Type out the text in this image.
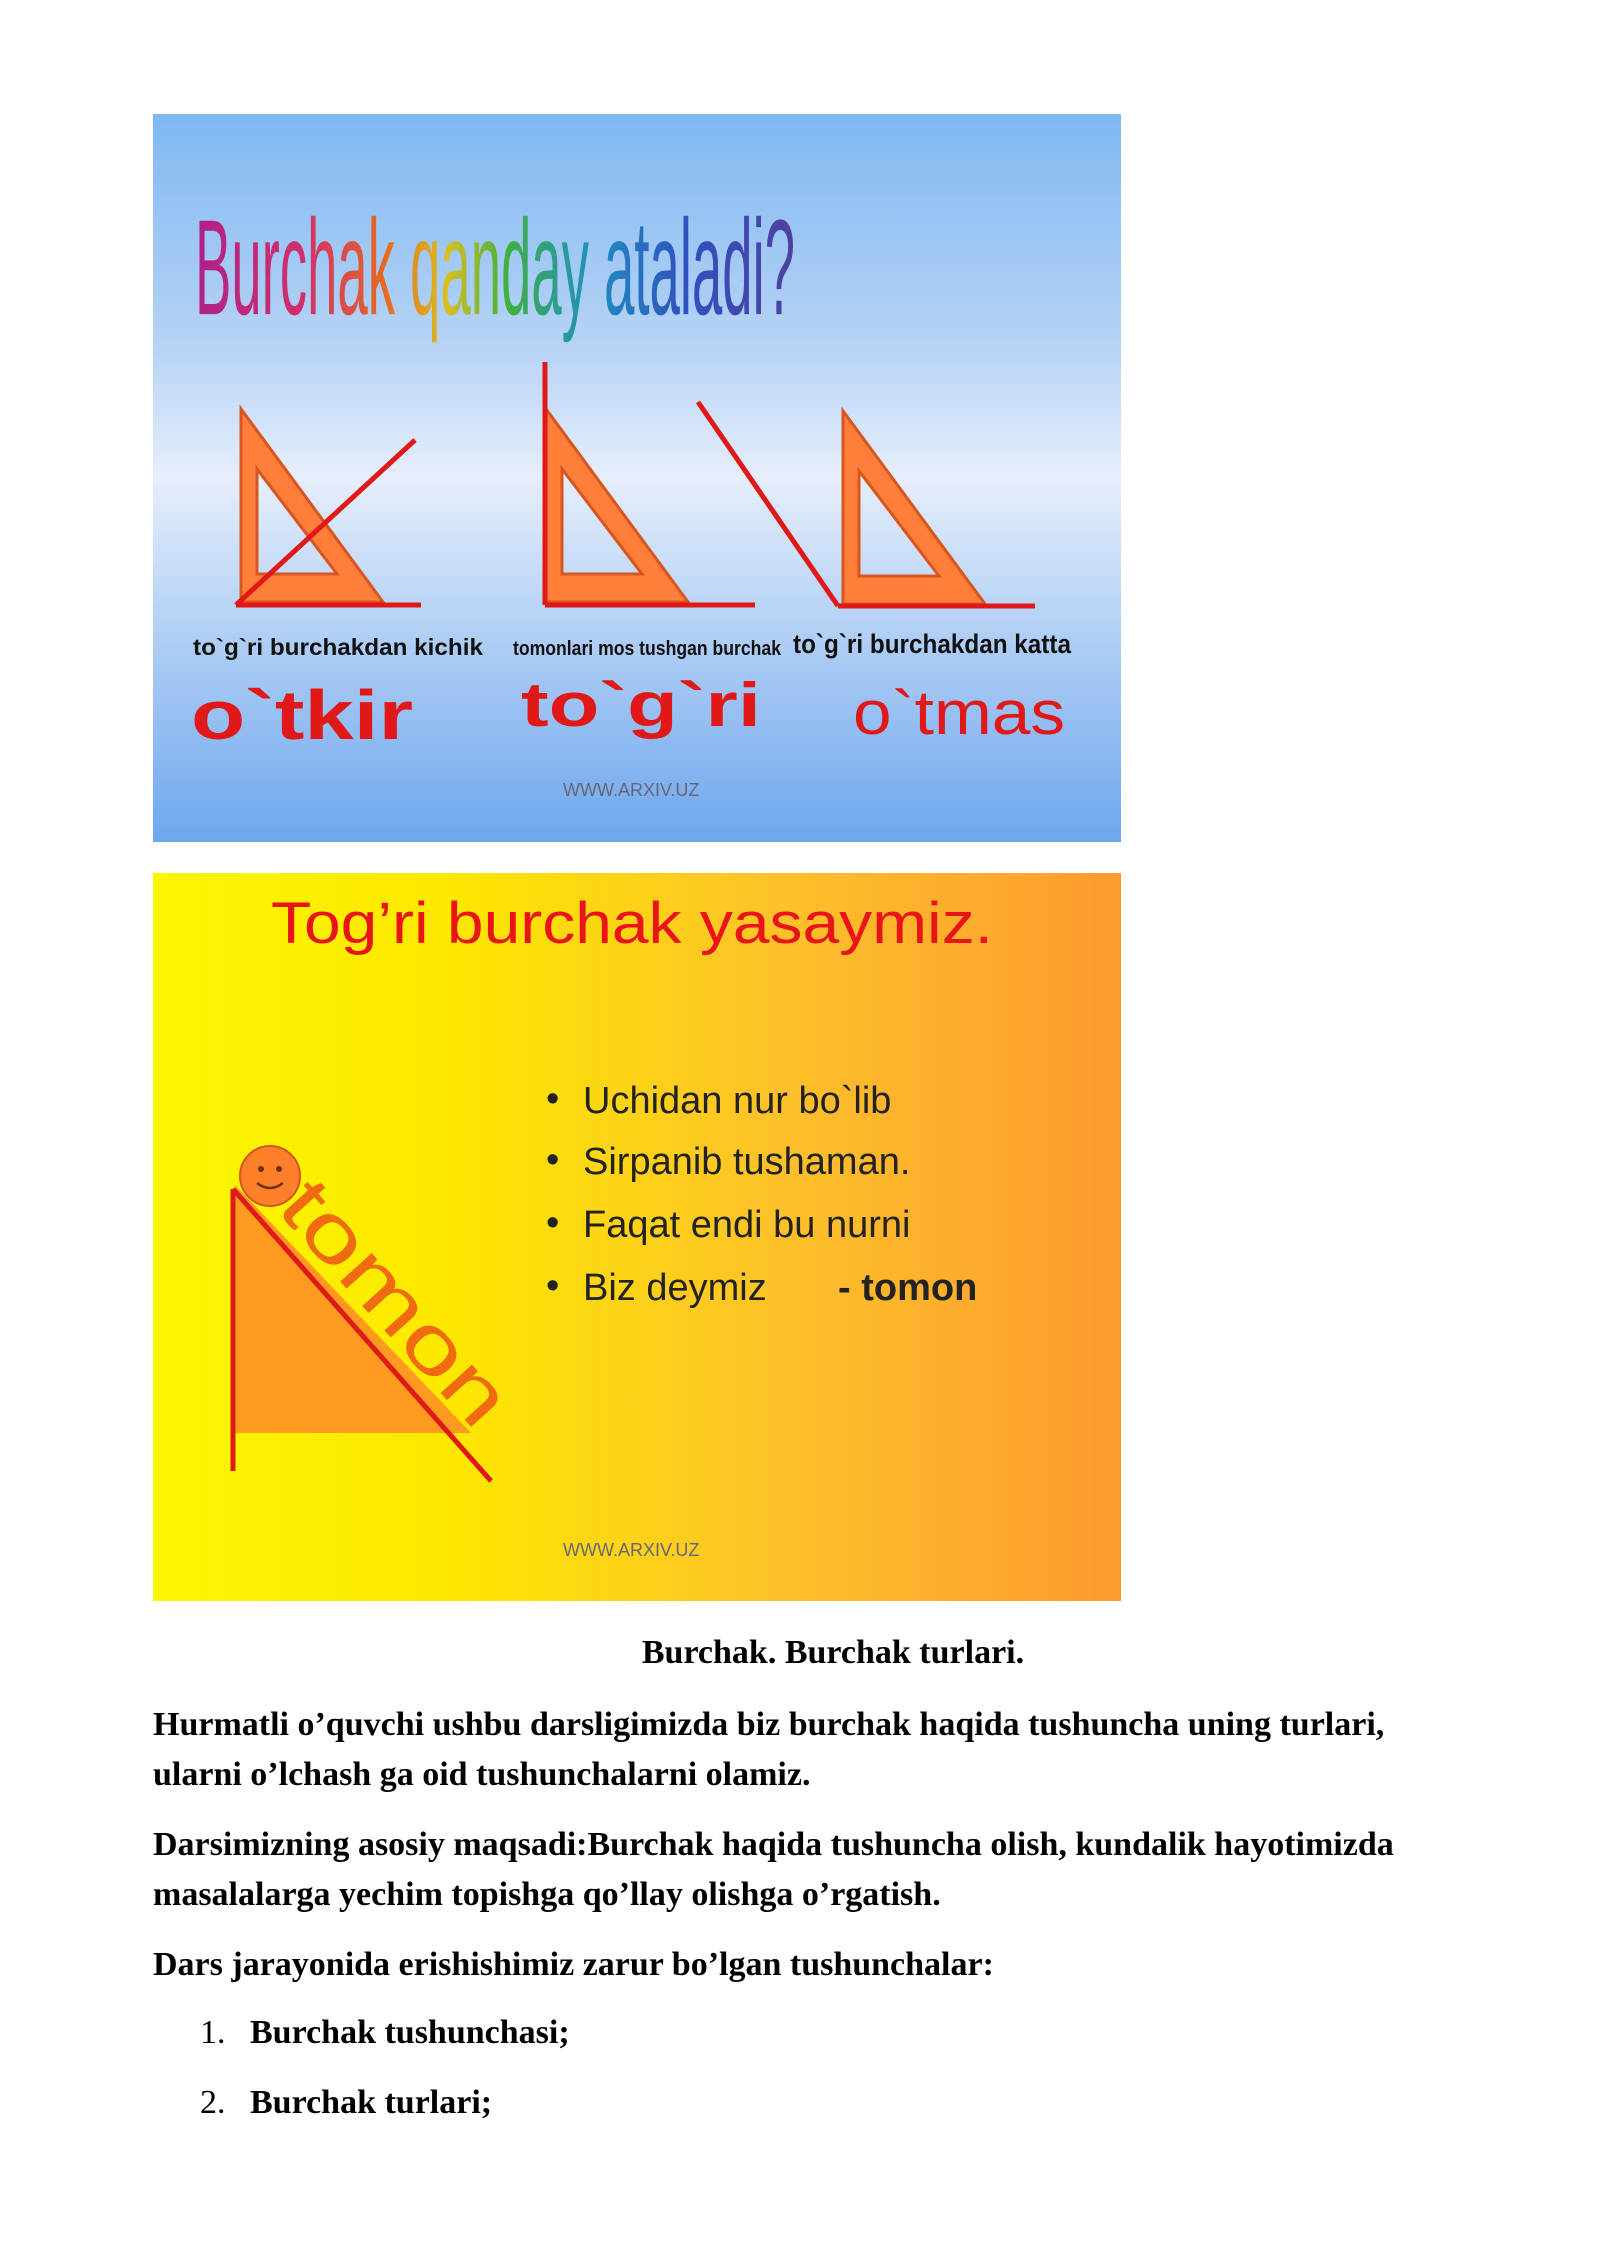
Burchak qanday ataladi?
to`g`ri burchakdan kichik tomonlari mos tushgan burchak to`g`ri burchakdan katta
o`tkir to`g`ri o`tmas
WWW.ARXIV.UZ
Tog’ri burchak yasaymiz.
• Uchidan nur bo`lib
• Sirpanib tushaman.
• Faqat endi bu nurni
• Biz deymiz - tomon
tomon
WWW.ARXIV.UZ
Burchak. Burchak turlari.
Hurmatli o’quvchi ushbu darsligimizda biz burchak haqida tushuncha uning turlari, ularni o’lchash ga oid tushunchalarni olamiz.
Darsimizning asosiy maqsadi:Burchak haqida tushuncha olish, kundalik hayotimizda masalalarga yechim topishga qo’llay olishga o’rgatish.
Dars jarayonida erishishimiz zarur bo’lgan tushunchalar:
1. Burchak tushunchasi;
2. Burchak turlari;
